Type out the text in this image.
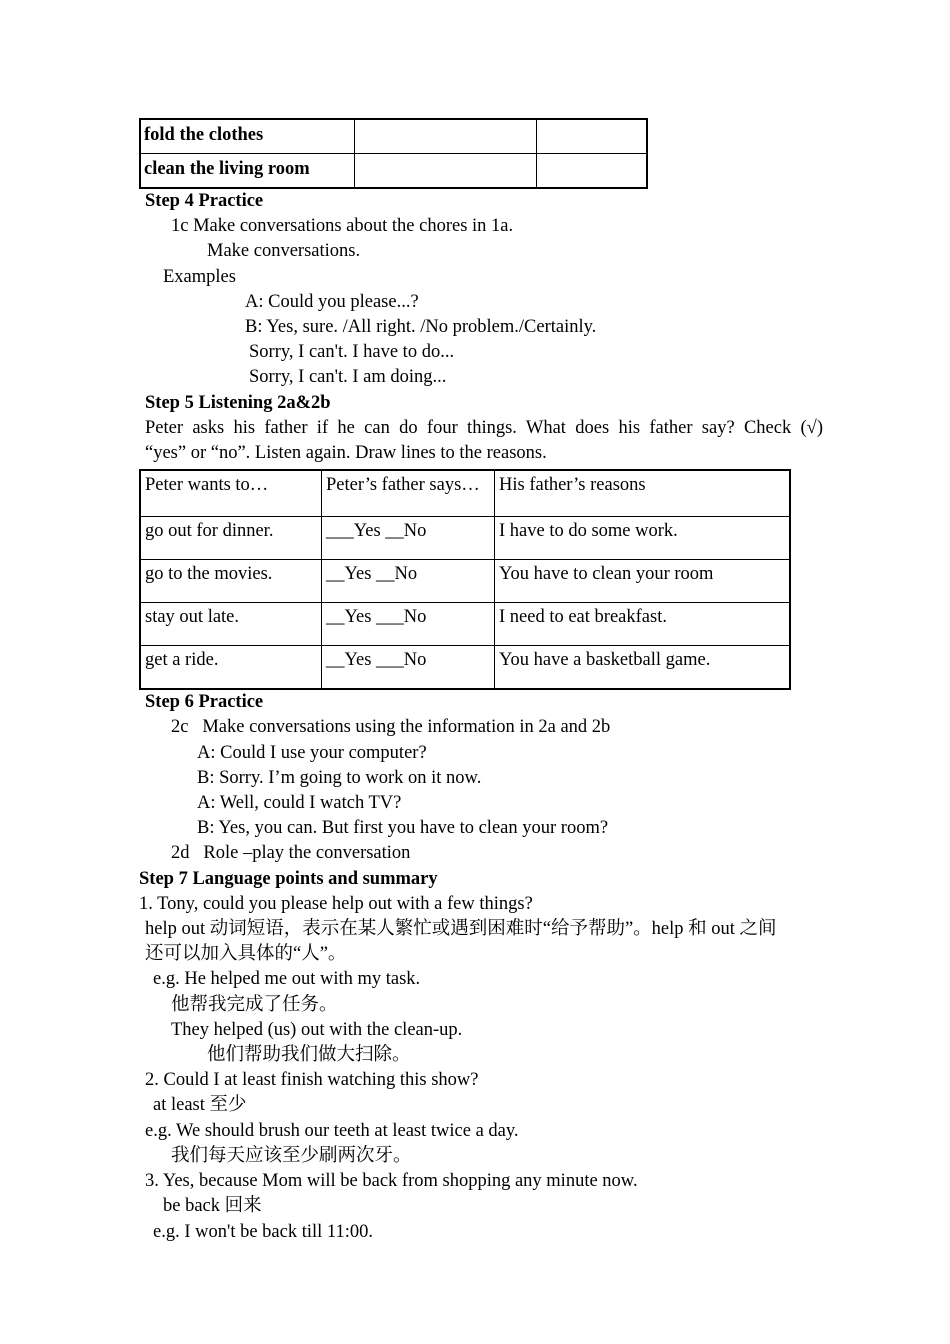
fold the clothes		
clean the living room		
Step 4 Practice
1c Make conversations about the chores in 1a.
Make conversations.
Examples
A: Could you please...?
B: Yes, sure. /All right. /No problem./Certainly.
Sorry, I can't. I have to do...
Sorry, I can't. I am doing...
Step 5 Listening 2a&2b
Peter asks his father if he can do four things. What does his father say? Check (√)
“yes” or “no”. Listen again. Draw lines to the reasons.
Peter wants to…	Peter’s father says…	His father’s reasons
go out for dinner.	___Yes __No	I have to do some work.
go to the movies.	__Yes __No	You have to clean your room
stay out late.	__Yes ___No	I need to eat breakfast.
get a ride.	__Yes ___No	You have a basketball game.
Step 6 Practice
2c   Make conversations using the information in 2a and 2b
A: Could I use your computer?
B: Sorry. I’m going to work on it now.
A: Well, could I watch TV?
B: Yes, you can. But first you have to clean your room?
2d   Role –play the conversation
Step 7 Language points and summary
1. Tony, could you please help out with a few things?
help out 动词短语，表示在某人繁忙或遇到困难时“给予帮助”。help 和 out 之间
还可以加入具体的“人”。
e.g. He helped me out with my task.
他帮我完成了任务。
They helped (us) out with the clean-up.
他们帮助我们做大扫除。
2. Could I at least finish watching this show?
at least 至少
e.g. We should brush our teeth at least twice a day.
我们每天应该至少刷两次牙。
3. Yes, because Mom will be back from shopping any minute now.
be back 回来
e.g. I won't be back till 11:00.
